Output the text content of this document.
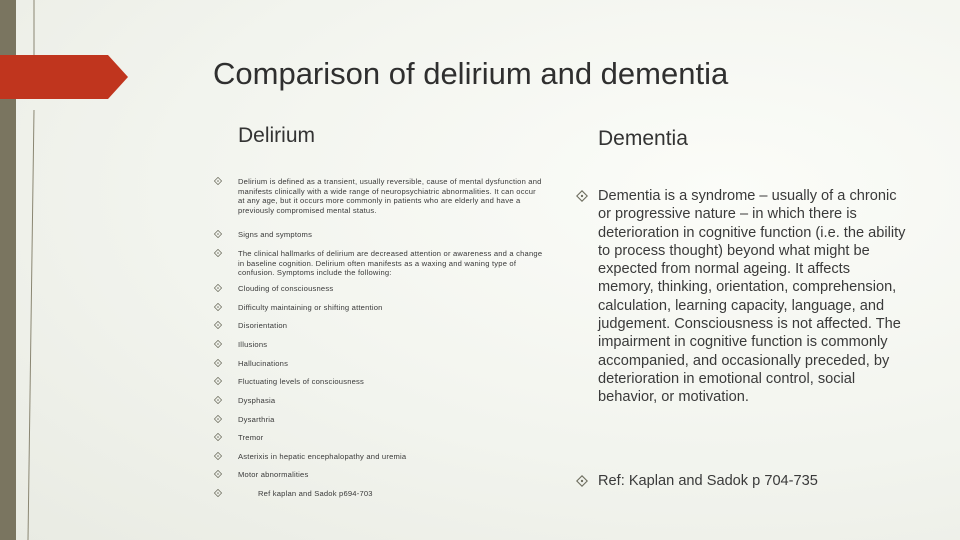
Comparison of delirium and dementia
Delirium	Dementia
Delirium is defined as a transient, usually reversible, cause of mental dysfunction and manifests clinically with a wide range of neuropsychiatric abnormalities. It can occur at any age, but it occurs more commonly in patients who are elderly and have a previously compromised mental status.
Signs and symptoms
The clinical hallmarks of delirium are decreased attention or awareness and a change in baseline cognition. Delirium often manifests as a waxing and waning type of confusion. Symptoms include the following:
Clouding of consciousness
Difficulty maintaining or shifting attention
Disorientation
Illusions
Hallucinations
Fluctuating levels of consciousness
Dysphasia
Dysarthria
Tremor
Asterixis in hepatic encephalopathy and uremia
Motor abnormalities
Ref kaplan and Sadok p694-703
Dementia is a syndrome – usually of a chronic or progressive nature – in which there is deterioration in cognitive function (i.e. the ability to process thought) beyond what might be expected from normal ageing. It affects memory, thinking, orientation, comprehension, calculation, learning capacity, language, and judgement. Consciousness is not affected. The impairment in cognitive function is commonly accompanied, and occasionally preceded, by deterioration in emotional control, social behavior, or motivation.
Ref: Kaplan and Sadok p 704-735
